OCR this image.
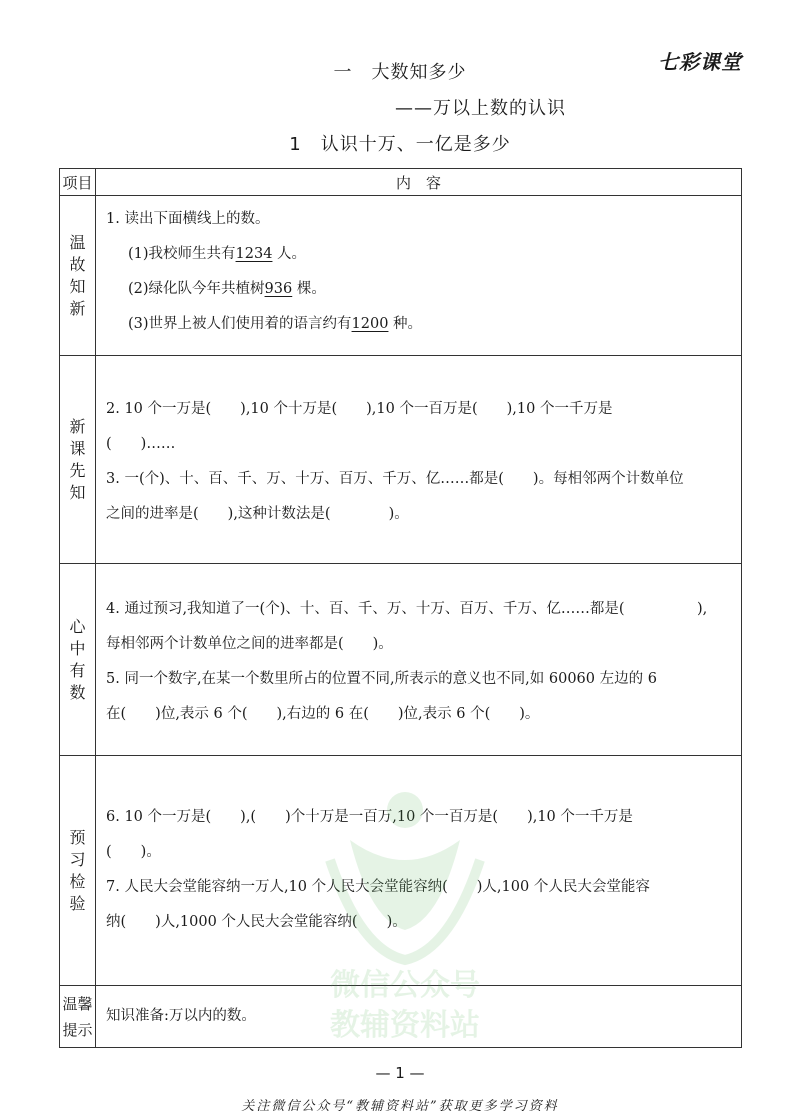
七彩课堂
一　大数知多少
——万以上数的认识
1　认识十万、一亿是多少
项目	内　容

温
故
知
新	1. 读出下面横线上的数。
(1)我校师生共有1234 人。
(2)绿化队今年共植树936 棵。
(3)世界上被人们使用着的语言约有1200 种。

新
课
先
知	2. 10 个一万是(　　),10 个十万是(　　),10 个一百万是(　　),10 个一千万是
(　　)……
3. 一(个)、十、百、千、万、十万、百万、千万、亿……都是(　　)。每相邻两个计数单位
之间的进率是(　　),这种计数法是(　　　　)。

心
中
有
数	4. 通过预习,我知道了一(个)、十、百、千、万、十万、百万、千万、亿……都是(　　　　　),
每相邻两个计数单位之间的进率都是(　　)。
5. 同一个数字,在某一个数里所占的位置不同,所表示的意义也不同,如 60060 左边的 6
在(　　)位,表示 6 个(　　),右边的 6 在(　　)位,表示 6 个(　　)。

预
习
检
验	6. 10 个一万是(　　),(　　)个十万是一百万,10 个一百万是(　　),10 个一千万是
(　　)。
7. 人民大会堂能容纳一万人,10 个人民大会堂能容纳(　　)人,100 个人民大会堂能容
纳(　　)人,1000 个人民大会堂能容纳(　　)。

温馨
提示	知识准备:万以内的数。
微信公众号
教辅资料站
— 1 —
关注微信公众号“教辅资料站”获取更多学习资料
